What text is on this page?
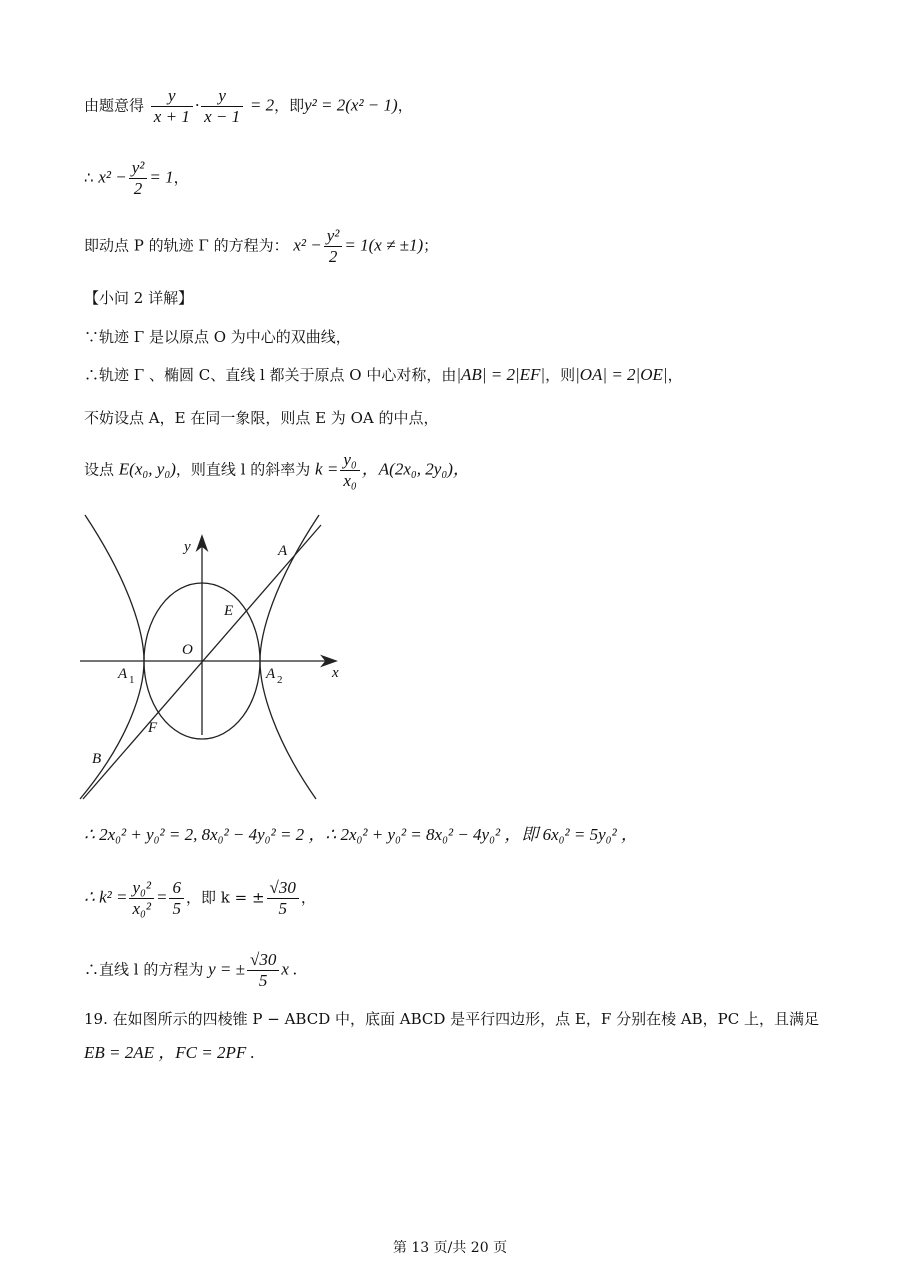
由题意得 $\frac{y}{x + 1} \cdot \frac{y}{x - 1} = 2$，即y² = 2(x² − 1)，
∴ $x^2 - \frac{\text{y²}}{2} = 1$，
即动点 P 的轨迹 Γ 的方程为： $x^2 - \frac{\text{y²}}{2} = 1(x \ne \pm 1)$；
【小问 2 详解】
∵轨迹 Γ 是以原点 O 为中心的双曲线，
∴轨迹 Γ 、椭圆 C、直线 l 都关于原点 O 中心对称，由|AB| = 2|EF|，则|OA| = 2|OE|，
不妨设点 A，E 在同一象限，则点 E 为 OA 的中点，
设点 E(x₀, y₀)，则直线 l 的斜率为 $k = \frac{\text{y₀}}{\text{x₀}}$ ，A(2x₀, 2y₀)，
y
x
A
E
O
A 1	A 2
F
B
∴ 2x₀² + y₀² = 2, 8x₀² − 4y₀² = 2 ，∴ 2x₀² + y₀² = 8x₀² − 4y₀² ，即 6x₀² = 5y₀² ，
∴ $k^2 = \frac{\text{y₀²}}{\text{x₀²}} = \frac{6}{5}$ ，即 k = ± $\frac{√30}{5}$ ，
∴直线 l 的方程为 y = ± $\frac{√30}{5}$ x .
19. 在如图所示的四棱锥 P − ABCD 中，底面 ABCD 是平行四边形，点 E，F 分别在棱 AB，PC 上，且满足
EB = 2AE ，FC = 2PF .
第 13 页/共 20 页
